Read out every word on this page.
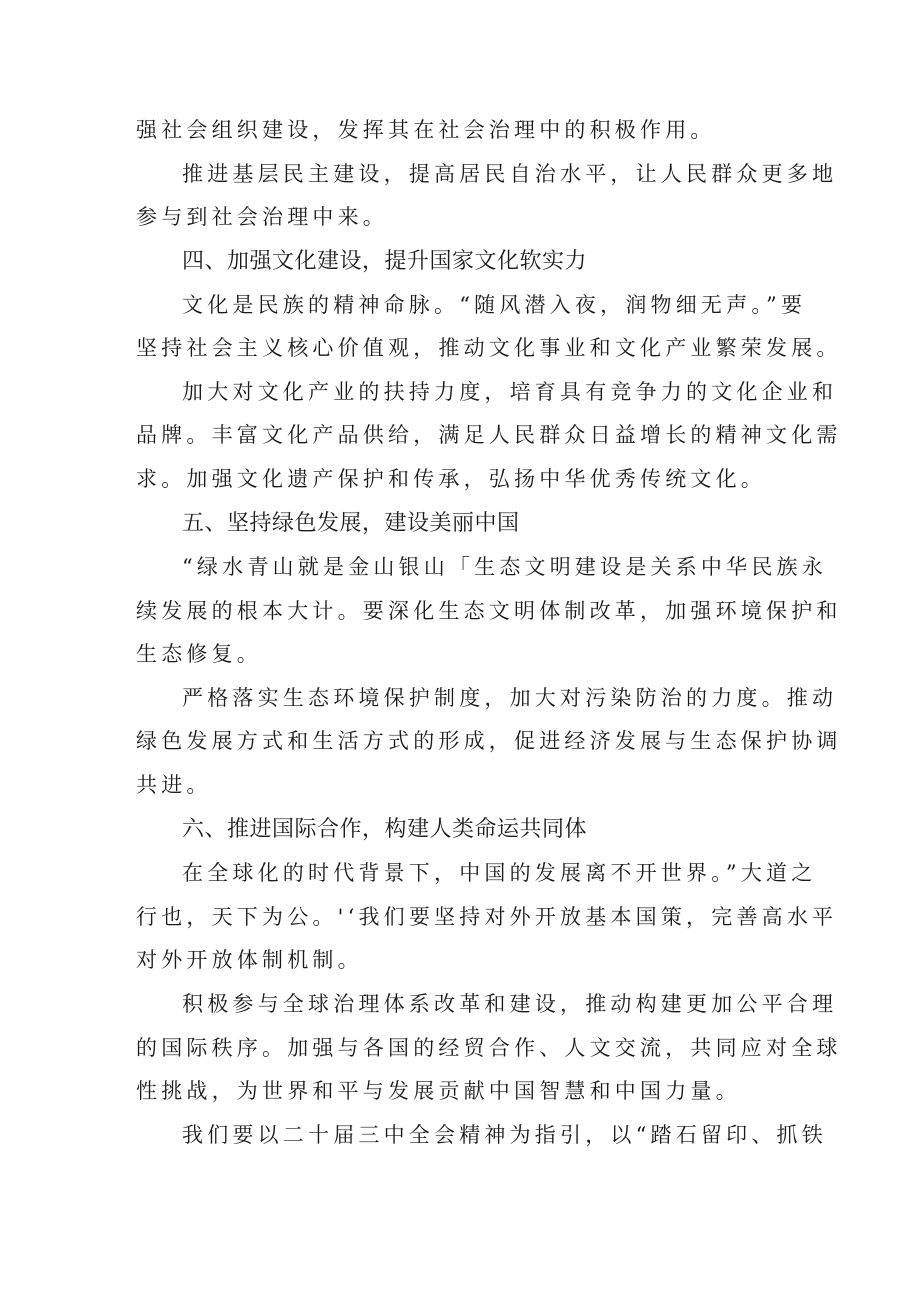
强社会组织建设，发挥其在社会治理中的积极作用。
推进基层民主建设，提高居民自治水平，让人民群众更多地
参与到社会治理中来。
四、加强文化建设，提升国家文化软实力
文化是民族的精神命脉。“随风潜入夜，润物细无声。”要
坚持社会主义核心价值观，推动文化事业和文化产业繁荣发展。
加大对文化产业的扶持力度，培育具有竞争力的文化企业和
品牌。丰富文化产品供给，满足人民群众日益增长的精神文化需
求。加强文化遗产保护和传承，弘扬中华优秀传统文化。
五、坚持绿色发展，建设美丽中国
“绿水青山就是金山银山「生态文明建设是关系中华民族永
续发展的根本大计。要深化生态文明体制改革，加强环境保护和
生态修复。
严格落实生态环境保护制度，加大对污染防治的力度。推动
绿色发展方式和生活方式的形成，促进经济发展与生态保护协调
共进。
六、推进国际合作，构建人类命运共同体
在全球化的时代背景下，中国的发展离不开世界。”大道之
行也，天下为公。'‘我们要坚持对外开放基本国策，完善高水平
对外开放体制机制。
积极参与全球治理体系改革和建设，推动构建更加公平合理
的国际秩序。加强与各国的经贸合作、人文交流，共同应对全球
性挑战，为世界和平与发展贡献中国智慧和中国力量。
我们要以二十届三中全会精神为指引，以“踏石留印、抓铁
